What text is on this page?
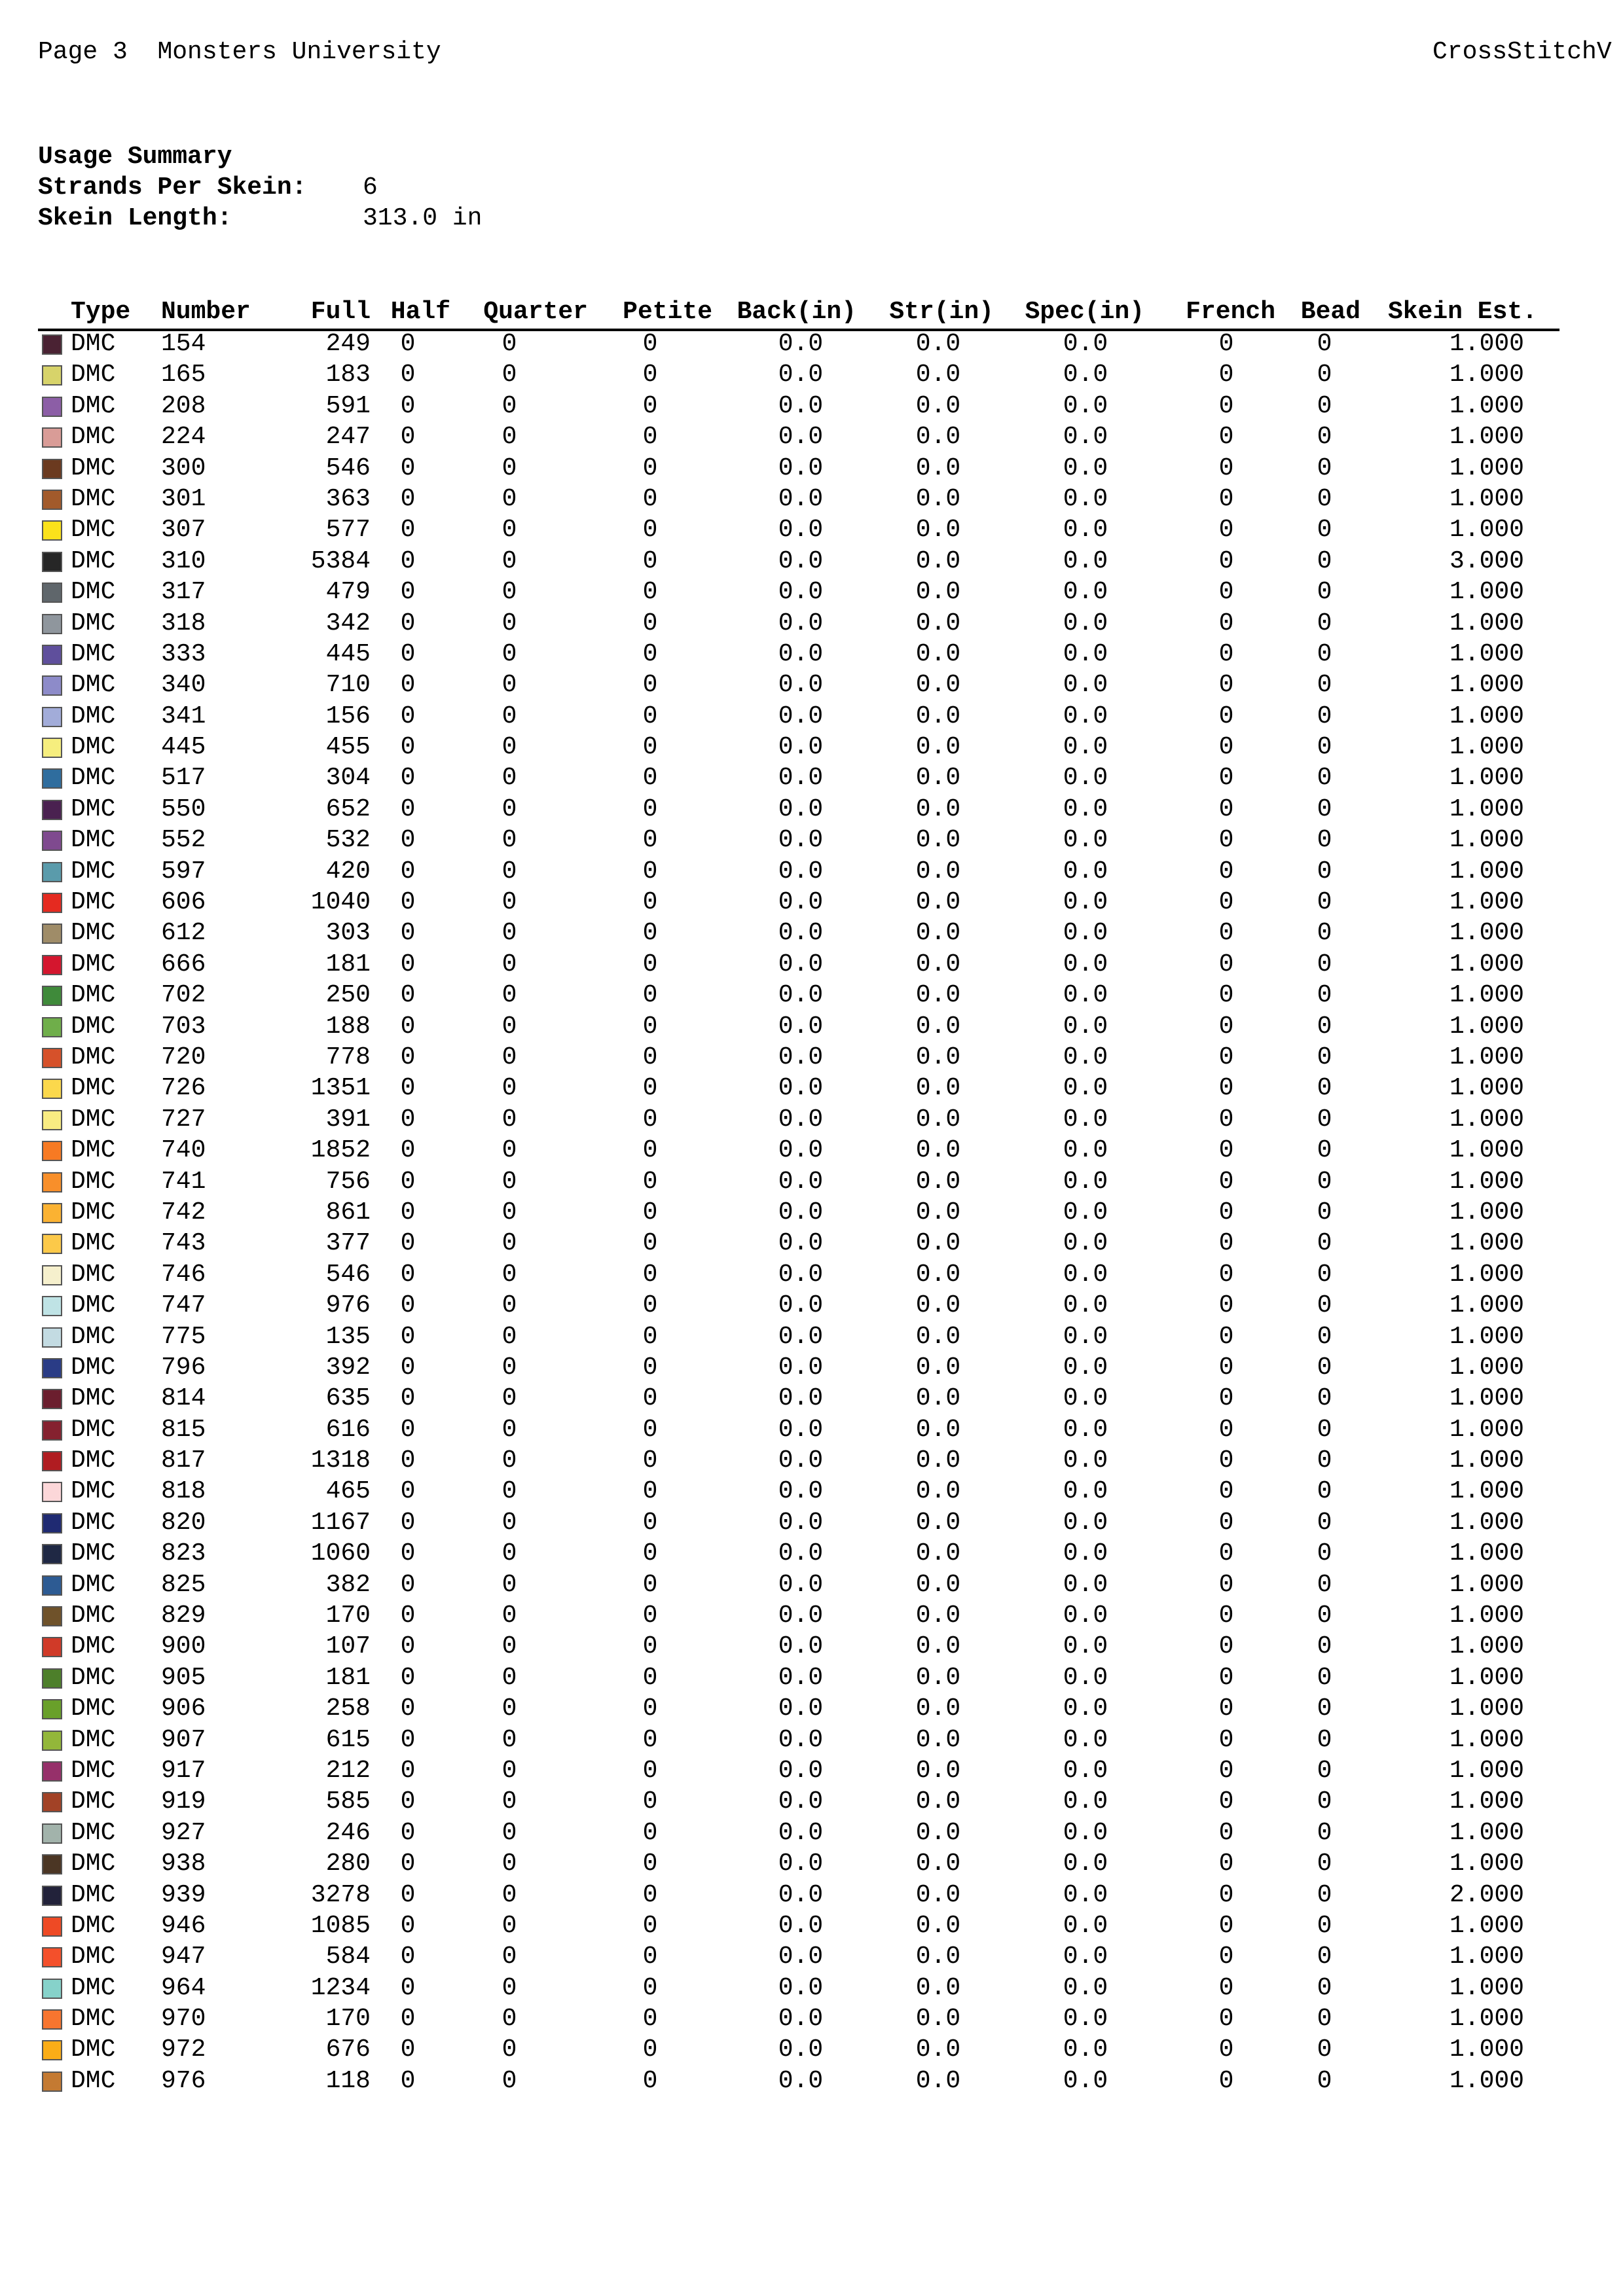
Page 3 Monsters University	CrossStitchV
Usage Summary
Strands Per Skein: 6
Skein Length:	313.0 in
Type	Number	Full Half	Quarter	Petite Back(in)	Str(in)	Spec(in)	French	Bead	Skein Est.
DMC	154	249	0	0	0	0.0	0.0	0.0	0	0	1.000
DMC	165	183	0	0	0	0.0	0.0	0.0	0	0	1.000
DMC	208	591	0	0	0	0.0	0.0	0.0	0	0	1.000
DMC	224	247	0	0	0	0.0	0.0	0.0	0	0	1.000
DMC	300	546	0	0	0	0.0	0.0	0.0	0	0	1.000
DMC	301	363	0	0	0	0.0	0.0	0.0	0	0	1.000
DMC	307	577	0	0	0	0.0	0.0	0.0	0	0	1.000
DMC	310	5384	0	0	0	0.0	0.0	0.0	0	0	3.000
DMC	317	479	0	0	0	0.0	0.0	0.0	0	0	1.000
DMC	318	342	0	0	0	0.0	0.0	0.0	0	0	1.000
DMC	333	445	0	0	0	0.0	0.0	0.0	0	0	1.000
DMC	340	710	0	0	0	0.0	0.0	0.0	0	0	1.000
DMC	341	156	0	0	0	0.0	0.0	0.0	0	0	1.000
DMC	445	455	0	0	0	0.0	0.0	0.0	0	0	1.000
DMC	517	304	0	0	0	0.0	0.0	0.0	0	0	1.000
DMC	550	652	0	0	0	0.0	0.0	0.0	0	0	1.000
DMC	552	532	0	0	0	0.0	0.0	0.0	0	0	1.000
DMC	597	420	0	0	0	0.0	0.0	0.0	0	0	1.000
DMC	606	1040	0	0	0	0.0	0.0	0.0	0	0	1.000
DMC	612	303	0	0	0	0.0	0.0	0.0	0	0	1.000
DMC	666	181	0	0	0	0.0	0.0	0.0	0	0	1.000
DMC	702	250	0	0	0	0.0	0.0	0.0	0	0	1.000
DMC	703	188	0	0	0	0.0	0.0	0.0	0	0	1.000
DMC	720	778	0	0	0	0.0	0.0	0.0	0	0	1.000
DMC	726	1351	0	0	0	0.0	0.0	0.0	0	0	1.000
DMC	727	391	0	0	0	0.0	0.0	0.0	0	0	1.000
DMC	740	1852	0	0	0	0.0	0.0	0.0	0	0	1.000
DMC	741	756	0	0	0	0.0	0.0	0.0	0	0	1.000
DMC	742	861	0	0	0	0.0	0.0	0.0	0	0	1.000
DMC	743	377	0	0	0	0.0	0.0	0.0	0	0	1.000
DMC	746	546	0	0	0	0.0	0.0	0.0	0	0	1.000
DMC	747	976	0	0	0	0.0	0.0	0.0	0	0	1.000
DMC	775	135	0	0	0	0.0	0.0	0.0	0	0	1.000
DMC	796	392	0	0	0	0.0	0.0	0.0	0	0	1.000
DMC	814	635	0	0	0	0.0	0.0	0.0	0	0	1.000
DMC	815	616	0	0	0	0.0	0.0	0.0	0	0	1.000
DMC	817	1318	0	0	0	0.0	0.0	0.0	0	0	1.000
DMC	818	465	0	0	0	0.0	0.0	0.0	0	0	1.000
DMC	820	1167	0	0	0	0.0	0.0	0.0	0	0	1.000
DMC	823	1060	0	0	0	0.0	0.0	0.0	0	0	1.000
DMC	825	382	0	0	0	0.0	0.0	0.0	0	0	1.000
DMC	829	170	0	0	0	0.0	0.0	0.0	0	0	1.000
DMC	900	107	0	0	0	0.0	0.0	0.0	0	0	1.000
DMC	905	181	0	0	0	0.0	0.0	0.0	0	0	1.000
DMC	906	258	0	0	0	0.0	0.0	0.0	0	0	1.000
DMC	907	615	0	0	0	0.0	0.0	0.0	0	0	1.000
DMC	917	212	0	0	0	0.0	0.0	0.0	0	0	1.000
DMC	919	585	0	0	0	0.0	0.0	0.0	0	0	1.000
DMC	927	246	0	0	0	0.0	0.0	0.0	0	0	1.000
DMC	938	280	0	0	0	0.0	0.0	0.0	0	0	1.000
DMC	939	3278	0	0	0	0.0	0.0	0.0	0	0	2.000
DMC	946	1085	0	0	0	0.0	0.0	0.0	0	0	1.000
DMC	947	584	0	0	0	0.0	0.0	0.0	0	0	1.000
DMC	964	1234	0	0	0	0.0	0.0	0.0	0	0	1.000
DMC	970	170	0	0	0	0.0	0.0	0.0	0	0	1.000
DMC	972	676	0	0	0	0.0	0.0	0.0	0	0	1.000
DMC	976	118	0	0	0	0.0	0.0	0.0	0	0	1.000
